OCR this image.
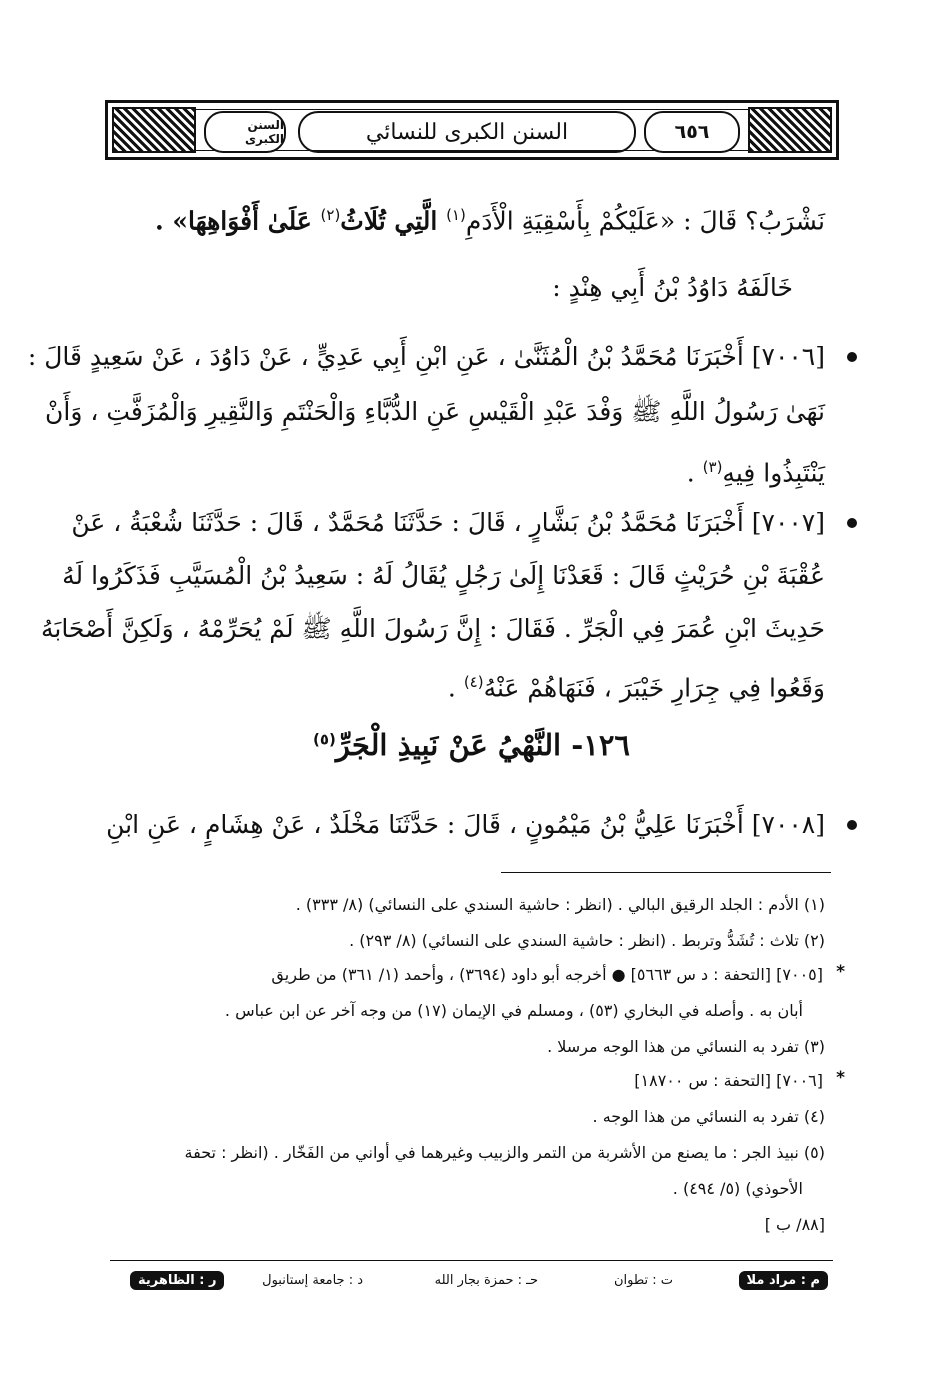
٦٥٦
السنن الكبرى	السنن الكبرى للنسائي
نَشْرَبُ؟ قَالَ : «عَلَيْكُمْ بِأَسْقِيَةِ الْأَدَمِ$^{(١)}$ الَّتِي تُلَاثُ$^{(٢)}$ عَلَىٰ أَفْوَاهِهَا» .
خَالَفَهُ دَاوُدُ بْنُ أَبِي هِنْدٍ :
[٧٠٠٦] أَخْبَرَنَا مُحَمَّدُ بْنُ الْمُثَنَّىٰ ، عَنِ ابْنِ أَبِي عَدِيٍّ ، عَنْ دَاوُدَ ، عَنْ سَعِيدٍ قَالَ :
نَهَىٰ رَسُولُ اللَّهِ ﷺ وَفْدَ عَبْدِ الْقَيْسِ عَنِ الدُّبَّاءِ وَالْحَنْتَمِ وَالنَّقِيرِ وَالْمُزَفَّتِ ، وَأَنْ
يَنْتَبِذُوا فِيهِ$^{(٣)}$ .
[٧٠٠٧] أَخْبَرَنَا مُحَمَّدُ بْنُ بَشَّارٍ ، قَالَ : حَدَّثَنَا مُحَمَّدٌ ، قَالَ : حَدَّثَنَا شُعْبَةُ ، عَنْ
عُقْبَةَ بْنِ حُرَيْثٍ قَالَ : قَعَدْنَا إِلَىٰ رَجُلٍ يُقَالُ لَهُ : سَعِيدُ بْنُ الْمُسَيَّبِ فَذَكَرُوا لَهُ
حَدِيثَ ابْنِ عُمَرَ فِي الْجَرِّ . فَقَالَ : إِنَّ رَسُولَ اللَّهِ ﷺ لَمْ يُحَرِّمْهُ ، وَلَكِنَّ أَصْحَابَهُ
وَقَعُوا فِي جِرَارِ خَيْبَرَ ، فَنَهَاهُمْ عَنْهُ$^{(٤)}$ .
١٢٦- النَّهْيُ عَنْ نَبِيذِ الْجَرِّ$^{(٥)}$
[٧٠٠٨] أَخْبَرَنَا عَلِيُّ بْنُ مَيْمُونٍ ، قَالَ : حَدَّثَنَا مَخْلَدٌ ، عَنْ هِشَامٍ ، عَنِ ابْنِ
(١) الأدم : الجلد الرقيق البالي . (انظر : حاشية السندي على النسائي) (٨/ ٣٣٣) .
(٢) تلاث : تُشَدُّ وتربط . (انظر : حاشية السندي على النسائي) (٨/ ٢٩٣) .
*
[٧٠٠٥] [التحفة : د س ٥٦٦٣] ● أخرجه أبو داود (٣٦٩٤) ، وأحمد (١/ ٣٦١) من طريق
أبان به . وأصله في البخاري (٥٣) ، ومسلم في الإيمان (١٧) من وجه آخر عن ابن عباس .
(٣) تفرد به النسائي من هذا الوجه مرسلا .
*
[٧٠٠٦] [التحفة : س ١٨٧٠٠]
(٤) تفرد به النسائي من هذا الوجه .
(٥) نبيذ الجر : ما يصنع من الأشربة من التمر والزبيب وغيرهما في أواني من الفَخّار . (انظر : تحفة
الأحوذي) (٥/ ٤٩٤) .
[٨٨/ ب ]
م : مراد ملا
ت : تطوان
حـ : حمزة بجار الله
د : جامعة إستانبول
ر : الظاهرية
